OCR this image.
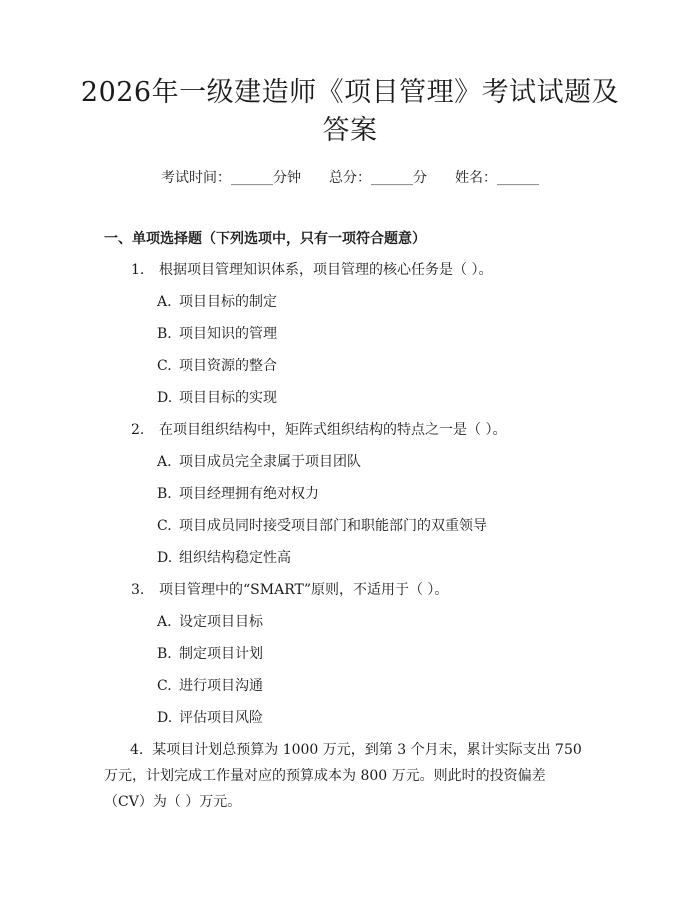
2026年一级建造师《项目管理》考试试题及
答案
考试时间：______分钟 总分：______分 姓名：______
一、单项选择题（下列选项中，只有一项符合题意）
1. 根据项目管理知识体系，项目管理的核心任务是（ ）。
A. 项目目标的制定
B. 项目知识的管理
C. 项目资源的整合
D. 项目目标的实现
2. 在项目组织结构中，矩阵式组织结构的特点之一是（ ）。
A. 项目成员完全隶属于项目团队
B. 项目经理拥有绝对权力
C. 项目成员同时接受项目部门和职能部门的双重领导
D. 组织结构稳定性高
3. 项目管理中的“SMART”原则，不适用于（ ）。
A. 设定项目目标
B. 制定项目计划
C. 进行项目沟通
D. 评估项目风险

4. 某项目计划总预算为 1000 万元，到第 3 个月末，累计实际支出 750 万元，计划完成工作量对应的预算成本为 800 万元。则此时的投资偏差（CV）为（ ）万元。
